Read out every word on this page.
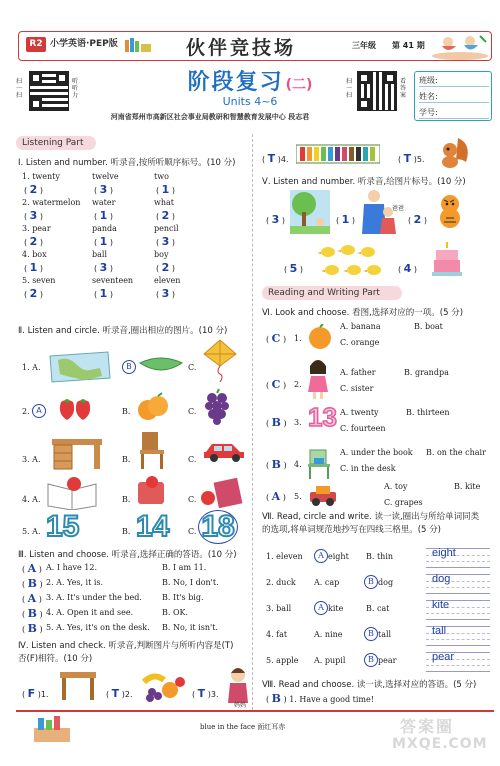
R2 小学英语·PEP版	伙伴竞技场	三年级 第 41 期
扫一扫
听听力
阶段复习 (二)
Units 4~6
河南省郑州市高新区社会事业局教研和智慧教育发展中心 段志君
扫一扫
看答案
班级:
姓名:
学号:
Listening Part
Ⅰ. Listen and number. 听录音,按所听顺序标号。(10 分)
1. twenty	twelve	two
( 2 )	( 3 )	( 1 )
2. watermelon water	what
( 3 )	( 1 )	( 2 )
3. pear	panda	pencil
( 2 )	( 1 )	( 3 )
4. box	ball	boy
( 1 )	( 3 )	( 2 )
5. seven	seventeen	eleven
( 2 )	( 1 )	( 3 )
Ⅱ. Listen and circle. 听录音,圈出相应的图片。(10 分)
1. A.	B	C.
2. A	B.	C.
3. A.	B.	C.
4. A.	B.	C.
5. A. 15	B. 14 C. 18
Ⅲ. Listen and choose. 听录音,选择正确的答语。(10 分)
( A ) A. I have 12.	B. I am 11.
( B ) 2. A. Yes, it is.	B. No, I don't.
( A ) 3. A. It's under the bed.	B. It's big.
( B ) 4. A. Open it and see.	B. OK.
( B ) 5. A. Yes, it's on the desk. B. No, it isn't.
Ⅳ. Listen and check. 听录音,判断图片与所听内容是(T)
否(F)相符。(10 分)
( F )1.	( T )2.	( T )3.
妈妈
( T )4.	( T )5.
Ⅴ. Listen and number. 听录音,给图片标号。(10 分)
( 3 )	( 1 )
爸爸
( 2 )
( 5 )	( 4 )
Reading and Writing Part
Ⅵ. Look and choose. 看图,选择对应的一项。(5 分)
( C ) 1.
A. banana	B. boat
C. orange
( C ) 2.
A. father	B. grandpa
C. sister
( B ) 3. 13 A. twenty	B. thirteen
C. fourteen
( B ) 4.
A. under the book B. on the chair
C. in the desk
( A ) 5.
A. toy	B. kite
C. grapes
Ⅶ. Read, circle and write. 读一读,圈出与所给单词同类
的选项,将单词规范地抄写在四线三格里。(5 分)
1. eleven	A eight B. thin	eight
2. duck A. cap	B dog	dog
3. ball	A kite	B. cat	kite
4. fat	A. nine	B tall	tall
5. apple A. pupil	B pear	pear
Ⅷ. Read and choose. 读一读,选择对应的答语。(5 分)
( B ) 1. Have a good time!
blue in the face 面红耳赤	答案圈
MXQE.COM
